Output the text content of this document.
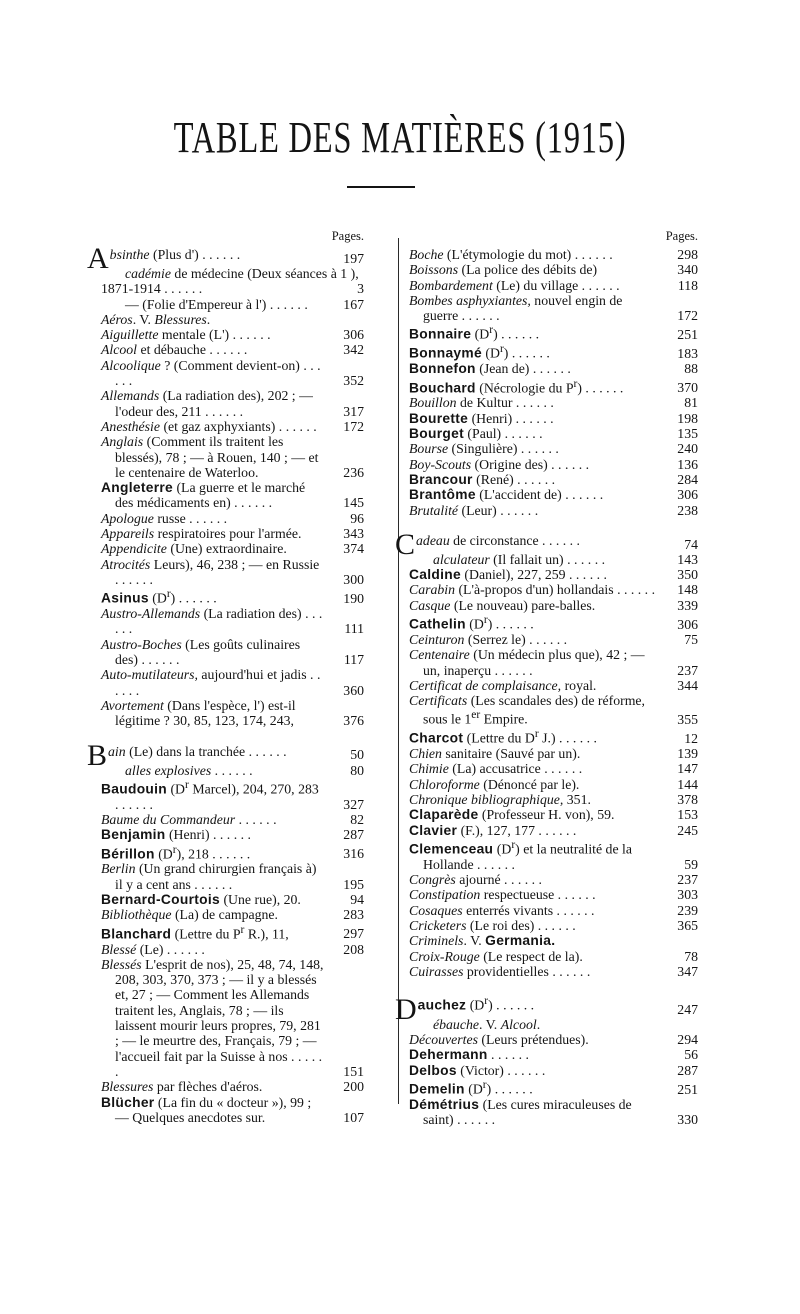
TABLE DES MATIÈRES (1915)
Pages.
Absinthe (Plus d') . . . . . .	197
cadémie de médecine (Deux séances à 1 ), 1871-1914 . . . . . .	3
— (Folie d'Empereur à l') . . . . . .	167
Aéros. V. Blessures.
Aiguillette mentale (L') . . . . . .	306
Alcool et débauche . . . . . .	342
Alcoolique ? (Comment devient-on) . . . . . .	352
Allemands (La radiation des), 202 ; — l'odeur des, 211 . . . . . .	317
Anesthésie (et gaz axphyxiants) . . . . . .	172
Anglais (Comment ils traitent les blessés), 78 ; — à Rouen, 140 ; — et le centenaire de Waterloo.	236
Angleterre (La guerre et le marché des médicaments en) . . . . . .	145
Apologue russe . . . . . .	96
Appareils respiratoires pour l'armée.	343
Appendicite (Une) extraordinaire.	374
Atrocités Leurs), 46, 238 ; — en Russie . . . . . .	300
Asinus $(D^r)$ . . . . . .	190
Austro-Allemands (La radiation des) . . . . . .	111
Austro-Boches (Les goûts culinaires des) . . . . . .	117
Auto-mutilateurs, aujourd'hui et jadis . . . . . .	360
Avortement (Dans l'espèce, l') est-il légitime ? 30, 85, 123, 174, 243,	376
Bain (Le) dans la tranchée . . . . . .	50
alles explosives . . . . . .	80
Baudouin ($D^r$ Marcel), 204, 270, 283 . . . . . .	327
Baume du Commandeur . . . . . .	82
Benjamin (Henri) . . . . . .	287
Bérillon $(D^r)$, 218 . . . . . .	316
Berlin (Un grand chirurgien français à) il y a cent ans . . . . . .	195
Bernard-Courtois (Une rue), 20.	94
Bibliothèque (La) de campagne.	283
Blanchard (Lettre du $P^r$ R.), 11,	297
Blessé (Le) . . . . . .	208
Blessés L'esprit de nos), 25, 48, 74, 148, 208, 303, 370, 373 ; — il y a blessés et, 27 ; — Comment les Allemands traitent les, Anglais, 78 ; — ils laissent mourir leurs propres, 79, 281 ; — le meurtre des, Français, 79 ; — l'accueil fait par la Suisse à nos . . . . . .	151
Blessures par flèches d'aéros.	200
Blücher (La fin du « docteur »), 99 ; — Quelques anecdotes sur.	107
Pages.
Boche (L'étymologie du mot) . . . . . .	298
Boissons (La police des débits de)	340
Bombardement (Le) du village . . . . . .	118
Bombes asphyxiantes, nouvel engin de guerre . . . . . .	172
Bonnaire $(D^r)$ . . . . . .	251
Bonnaymé $(D^r)$ . . . . . .	183
Bonnefon (Jean de) . . . . . .	88
Bouchard (Nécrologie du $P^r$) . . . . . .	370
Bouillon de Kultur . . . . . .	81
Bourette (Henri) . . . . . .	198
Bourget (Paul) . . . . . .	135
Bourse (Singulière) . . . . . .	240
Boy-Scouts (Origine des) . . . . . .	136
Brancour (René) . . . . . .	284
Brantôme (L'accident de) . . . . . .	306
Brutalité (Leur) . . . . . .	238
Cadeau de circonstance . . . . . .	74
alculateur (Il fallait un) . . . . . .	143
Caldine (Daniel), 227, 259 . . . . . .	350
Carabin (L'à-propos d'un) hollandais . . . . . . 148
Casque (Le nouveau) pare-balles.	339
Cathelin $(D^r)$ . . . . . .	306
Ceinturon (Serrez le) . . . . . .	75
Centenaire (Un médecin plus que), 42 ; — un, inaperçu . . . . . .	237
Certificat de complaisance, royal.	344
Certificats (Les scandales des) de réforme, sous le 1er Empire.	355
Charcot (Lettre du $D^r$ J.) . . . . . .	12
Chien sanitaire (Sauvé par un).	139
Chimie (La) accusatrice . . . . . .	147
Chloroforme (Dénoncé par le).	144
Chronique bibliographique, 351.	378
Claparède (Professeur H. von), 59.	153
Clavier (F.), 127, 177 . . . . . .	245
Clemenceau $(D^r)$ et la neutralité de la Hollande . . . . . .	59
Congrès ajourné . . . . . .	237
Constipation respectueuse . . . . . .	303
Cosaques enterrés vivants . . . . . .	239
Cricketers (Le roi des) . . . . . .	365
Criminels. V. Germania.
Croix-Rouge (Le respect de la).	78
Cuirasses providentielles . . . . . .	347
Dauchez $(D^r)$ . . . . . .	247
ébauche. V. Alcool.
Découvertes (Leurs prétendues).	294
Dehermann . . . . . .	56
Delbos (Victor) . . . . . .	287
Demelin $(D^r)$ . . . . . .	251
Démétrius (Les cures miraculeuses de saint) . . . . . .	330
